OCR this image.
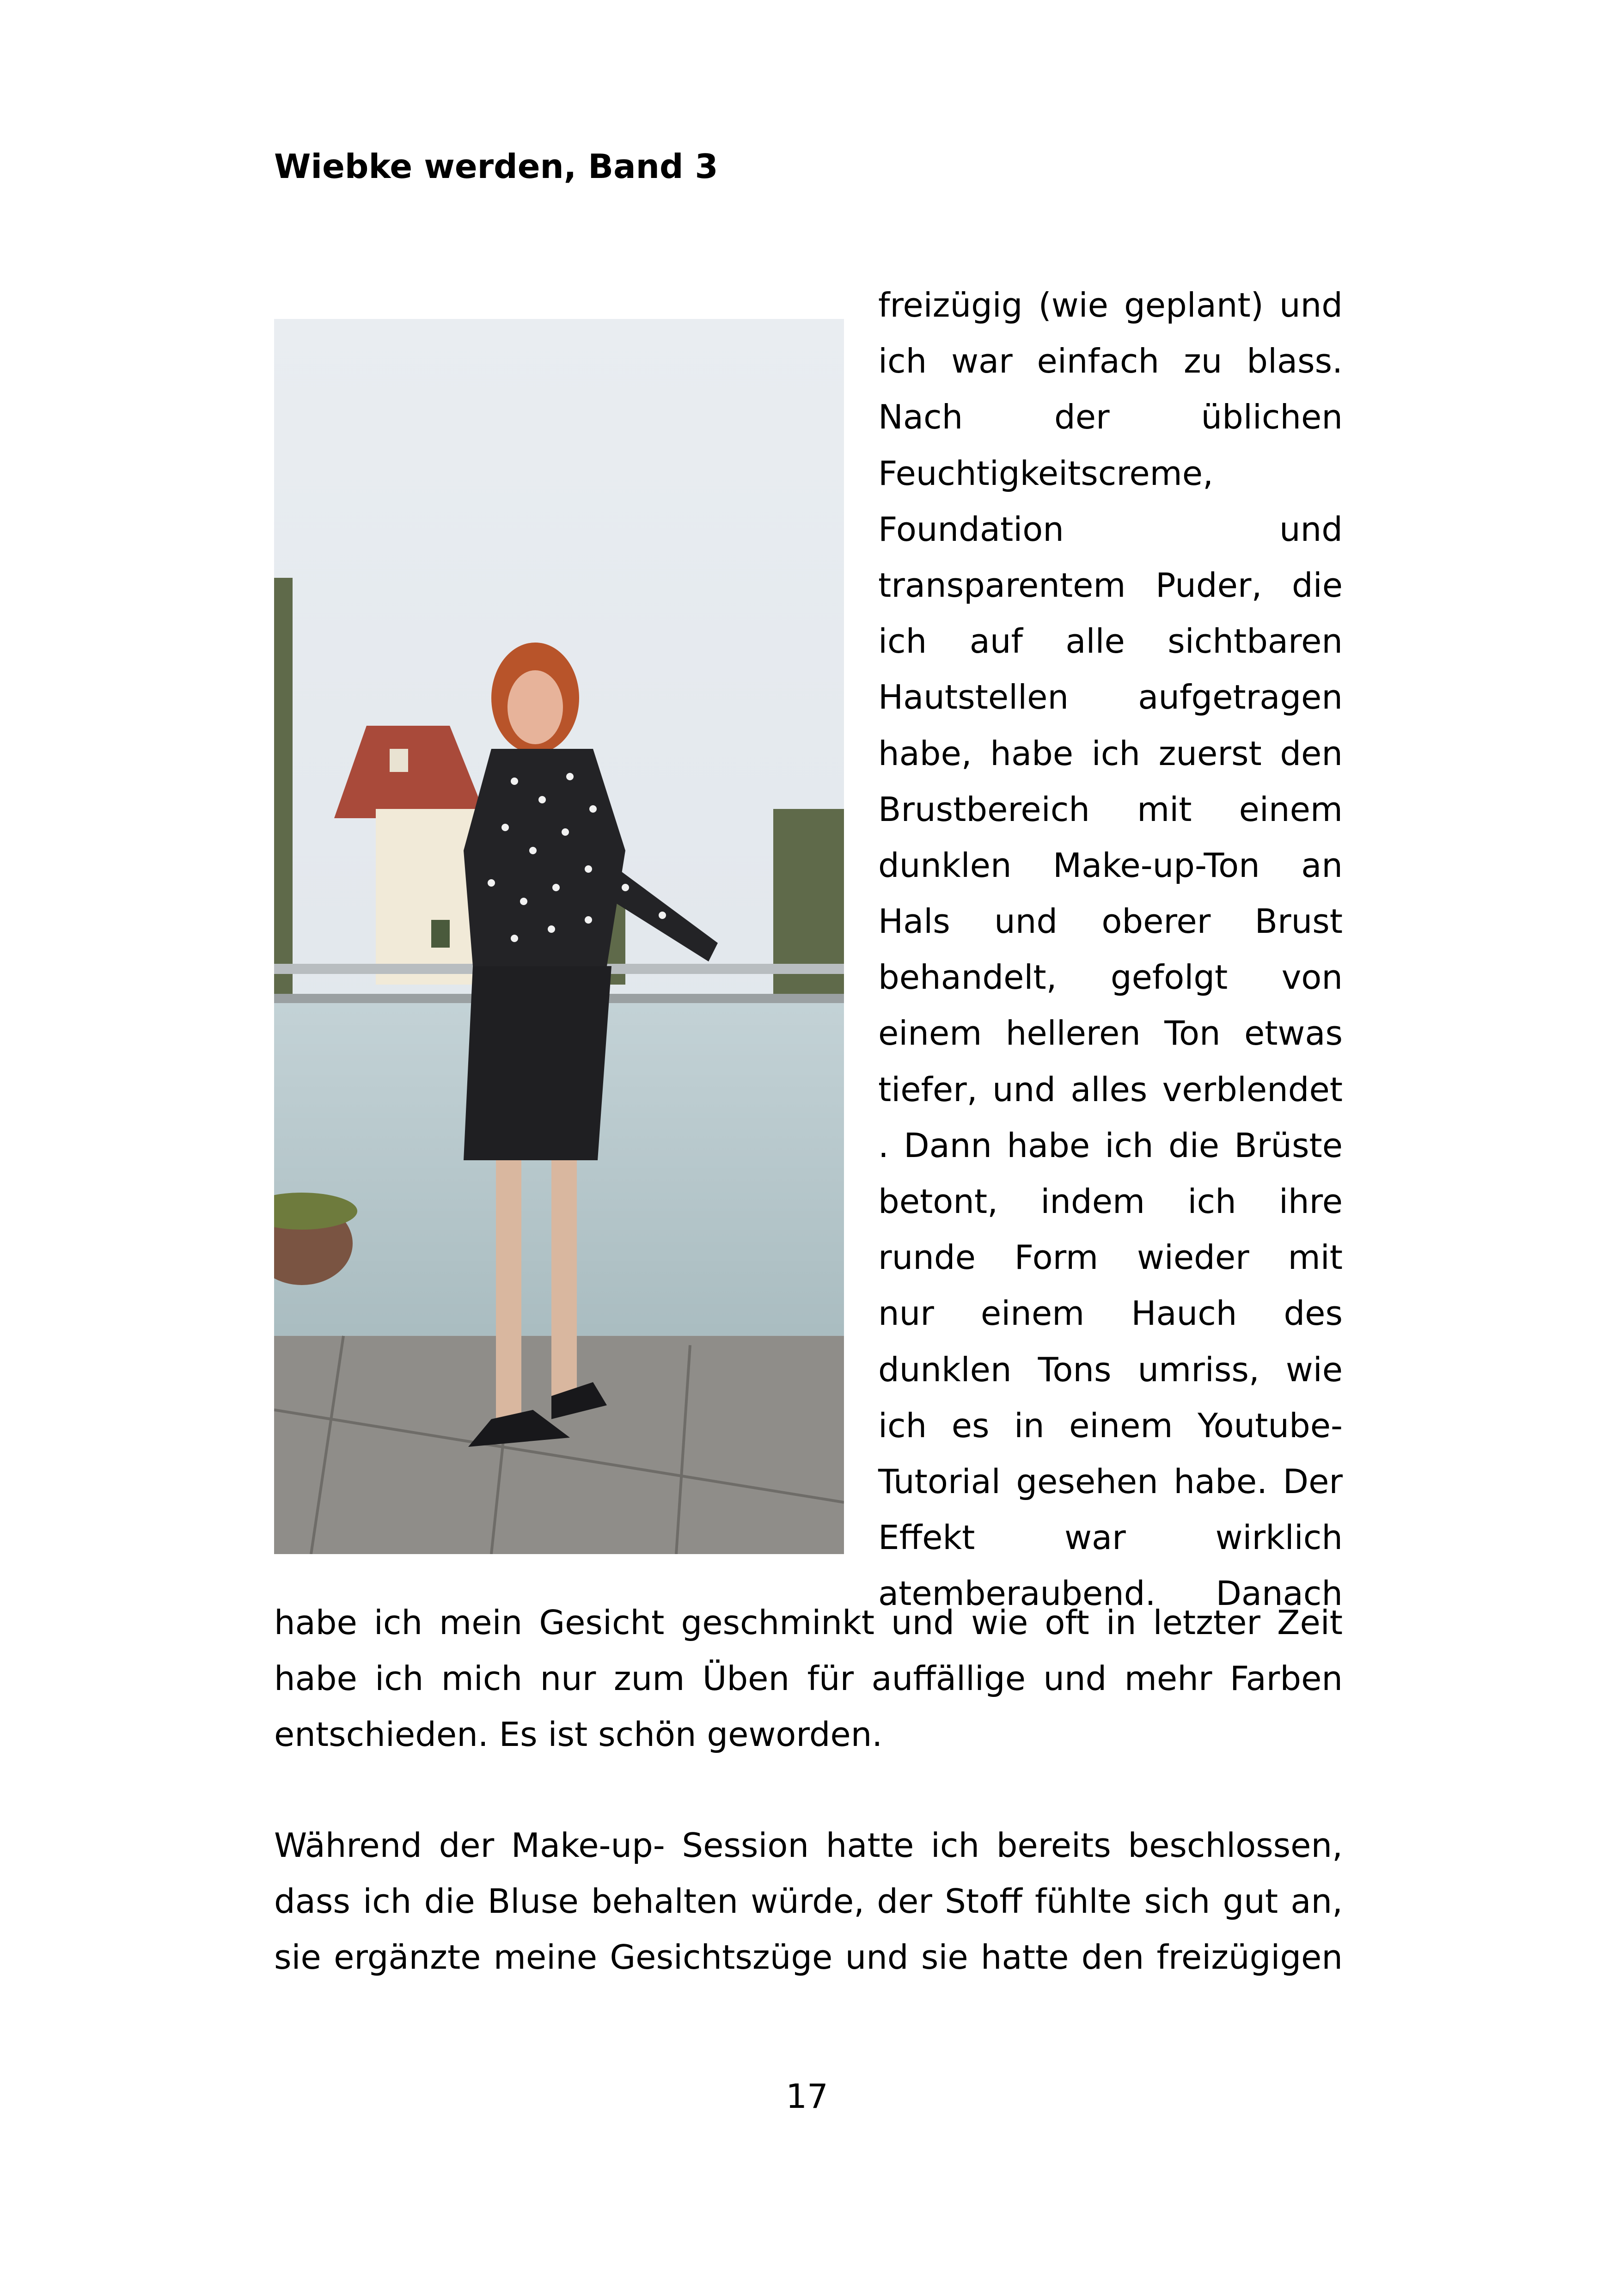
Wiebke werden, Band 3
freizügig (wie geplant) und
ich war einfach zu blass.
Nach der üblichen
Feuchtigkeitscreme,
Foundation und
transparentem Puder, die
ich auf alle sichtbaren
Hautstellen aufgetragen
habe, habe ich zuerst den
Brustbereich mit einem
dunklen Make-up-Ton an
Hals und oberer Brust
behandelt, gefolgt von
einem helleren Ton etwas
tiefer, und alles verblendet
. Dann habe ich die Brüste
betont, indem ich ihre
runde Form wieder mit
nur einem Hauch des
dunklen Tons umriss, wie
ich es in einem Youtube-
Tutorial gesehen habe. Der
Effekt war wirklich
atemberaubend. Danach
habe ich mein Gesicht geschminkt und wie oft in letzter Zeit
habe ich mich nur zum Üben für auffällige und mehr Farben
entschieden. Es ist schön geworden.
Während der Make-up- Session hatte ich bereits beschlossen,
dass ich die Bluse behalten würde, der Stoff fühlte sich gut an,
sie ergänzte meine Gesichtszüge und sie hatte den freizügigen
17
